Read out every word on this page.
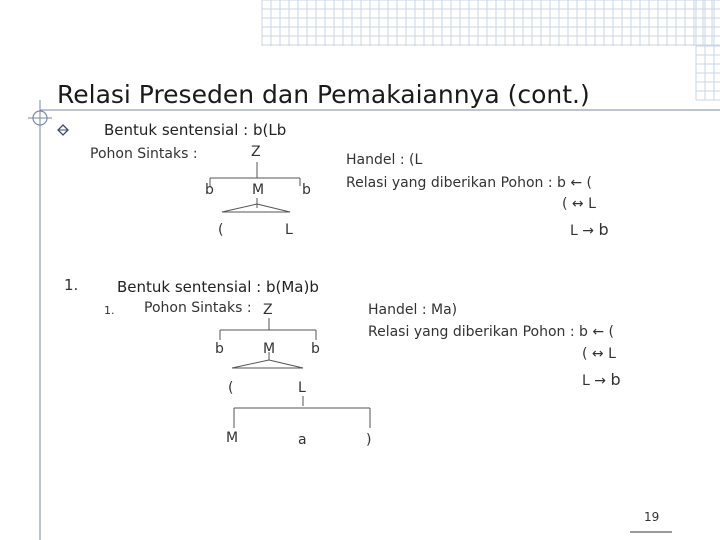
Relasi Preseden dan Pemakaiannya (cont.)
Bentuk sentensial : b(Lb
Pohon Sintaks :	Z
b	M	b
(	L
Handel : (L
Relasi yang diberikan Pohon : b ← (
( ↔ L
L → b
1.	Bentuk sentensial : b(Ma)b
1. Pohon Sintaks : Z
b	M	b
(	L
M	a	)
Handel : Ma)
Relasi yang diberikan Pohon : b ← (
( ↔ L
L → b
19
